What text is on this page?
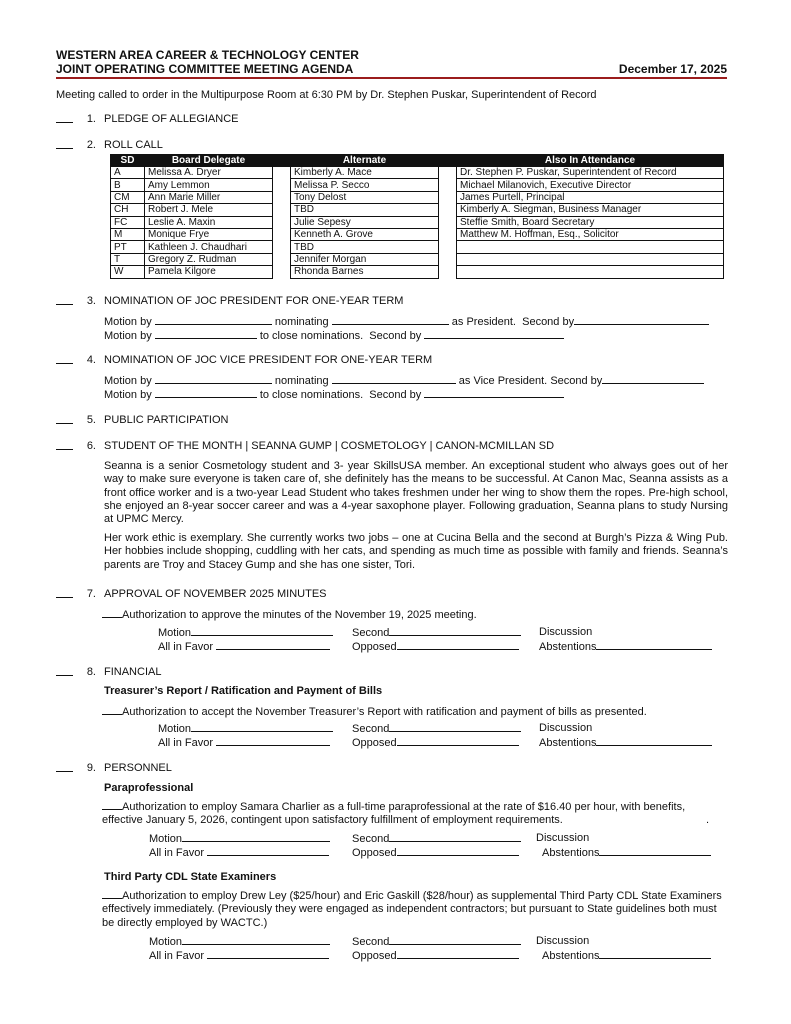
WESTERN AREA CAREER & TECHNOLOGY CENTER
JOINT OPERATING COMMITTEE MEETING AGENDA	December 17, 2025
Meeting called to order in the Multipurpose Room at 6:30 PM by Dr. Stephen Puskar, Superintendent of Record
1. PLEDGE OF ALLEGIANCE
2. ROLL CALL
SD	Board Delegate		Alternate		Also In Attendance
A	Melissa A. Dryer		Kimberly A. Mace		Dr. Stephen P. Puskar, Superintendent of Record
B	Amy Lemmon		Melissa P. Secco		Michael Milanovich, Executive Director
CM	Ann Marie Miller		Tony Delost		James Purtell, Principal
CH	Robert J. Mele		TBD		Kimberly A. Siegman, Business Manager
FC	Leslie A. Maxin		Julie Sepesy		Steffie Smith, Board Secretary
M	Monique Frye		Kenneth A. Grove		Matthew M. Hoffman, Esq., Solicitor
PT	Kathleen J. Chaudhari		TBD		
T	Gregory Z. Rudman		Jennifer Morgan		
W	Pamela Kilgore		Rhonda Barnes		
3. NOMINATION OF JOC PRESIDENT FOR ONE-YEAR TERM
Motion by	nominating	as President. Second by
Motion by	to close nominations. Second by
4. NOMINATION OF JOC VICE PRESIDENT FOR ONE-YEAR TERM
Motion by	nominating	as Vice President. Second by
Motion by	to close nominations. Second by
5. PUBLIC PARTICIPATION
6. STUDENT OF THE MONTH | SEANNA GUMP | COSMETOLOGY | CANON-MCMILLAN SD
Seanna is a senior Cosmetology student and 3- year SkillsUSA member. An exceptional student who always goes out of her way to make sure everyone is taken care of, she definitely has the means to be successful. At Canon Mac, Seanna assists as a front office worker and is a two-year Lead Student who takes freshmen under her wing to show them the ropes. Pre-high school, she enjoyed an 8-year soccer career and was a 4-year saxophone player. Following graduation, Seanna plans to study Nursing at UPMC Mercy.
Her work ethic is exemplary. She currently works two jobs – one at Cucina Bella and the second at Burgh’s Pizza & Wing Pub. Her hobbies include shopping, cuddling with her cats, and spending as much time as possible with family and friends. Seanna’s parents are Troy and Stacey Gump and she has one sister, Tori.
7. APPROVAL OF NOVEMBER 2025 MINUTES
Authorization to approve the minutes of the November 19, 2025 meeting.
Motion	Second	Discussion
All in Favor	Opposed	Abstentions
8. FINANCIAL
Treasurer’s Report / Ratification and Payment of Bills
Authorization to accept the November Treasurer’s Report with ratification and payment of bills as presented.
Motion	Second	Discussion
All in Favor	Opposed	Abstentions
9. PERSONNEL
Paraprofessional
Authorization to employ Samara Charlier as a full-time paraprofessional at the rate of $16.40 per hour, with benefits, effective January 5, 2026, contingent upon satisfactory fulfillment of employment requirements.	.
Motion	Second	Discussion
All in Favor	Opposed	Abstentions
Third Party CDL State Examiners
Authorization to employ Drew Ley ($25/hour) and Eric Gaskill ($28/hour) as supplemental Third Party CDL State Examiners effectively immediately. (Previously they were engaged as independent contractors; but pursuant to State guidelines both must be directly employed by WACTC.)
Motion	Second	Discussion
All in Favor	Opposed	Abstentions
